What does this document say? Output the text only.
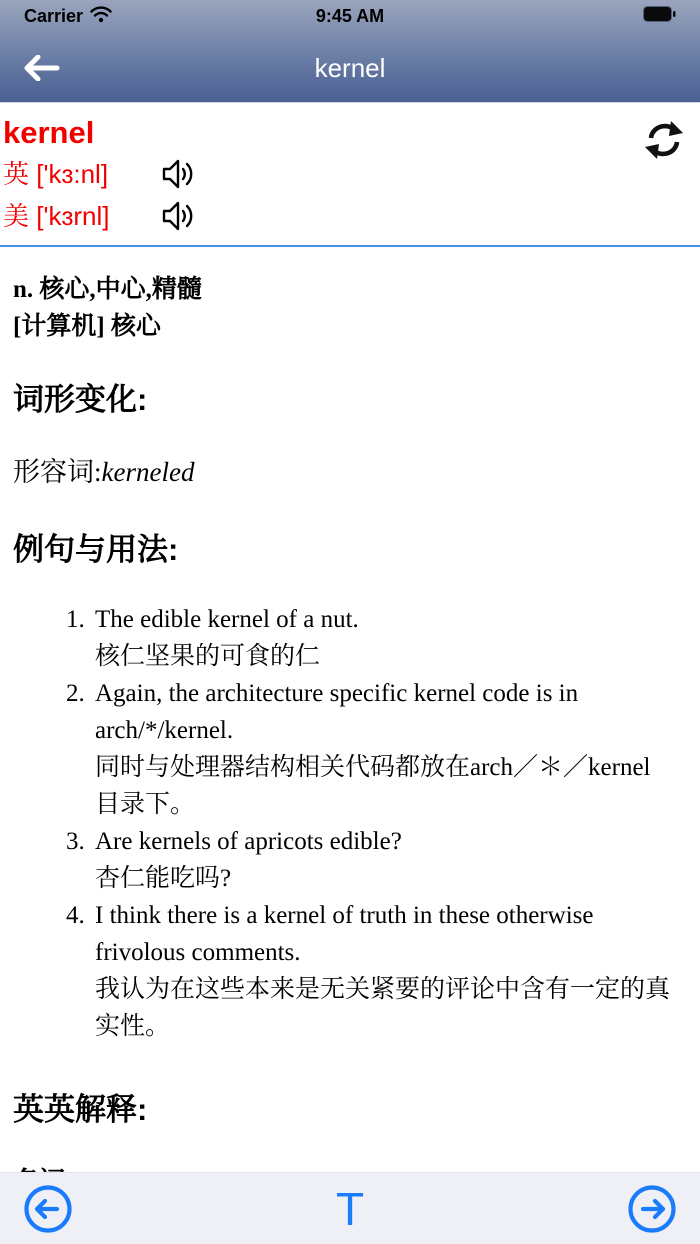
9:45 AM
Carrier
kernel
kernel
英 ['kɜ:nl]
美 ['kɜrnl]
n. 核心,中心,精髓
[计算机] 核心
词形变化:
形容词:kerneled
例句与用法:
1. The edible kernel of a nut.
核仁坚果的可食的仁
2. Again, the architecture specific kernel code is in arch/*/kernel.
同时与处理器结构相关代码都放在arch／＊／kernel目录下。
3. Are kernels of apricots edible?
杏仁能吃吗?
4. I think there is a kernel of truth in these otherwise frivolous comments.
我认为在这些本来是无关紧要的评论中含有一定的真实性。
英英解释:
T
